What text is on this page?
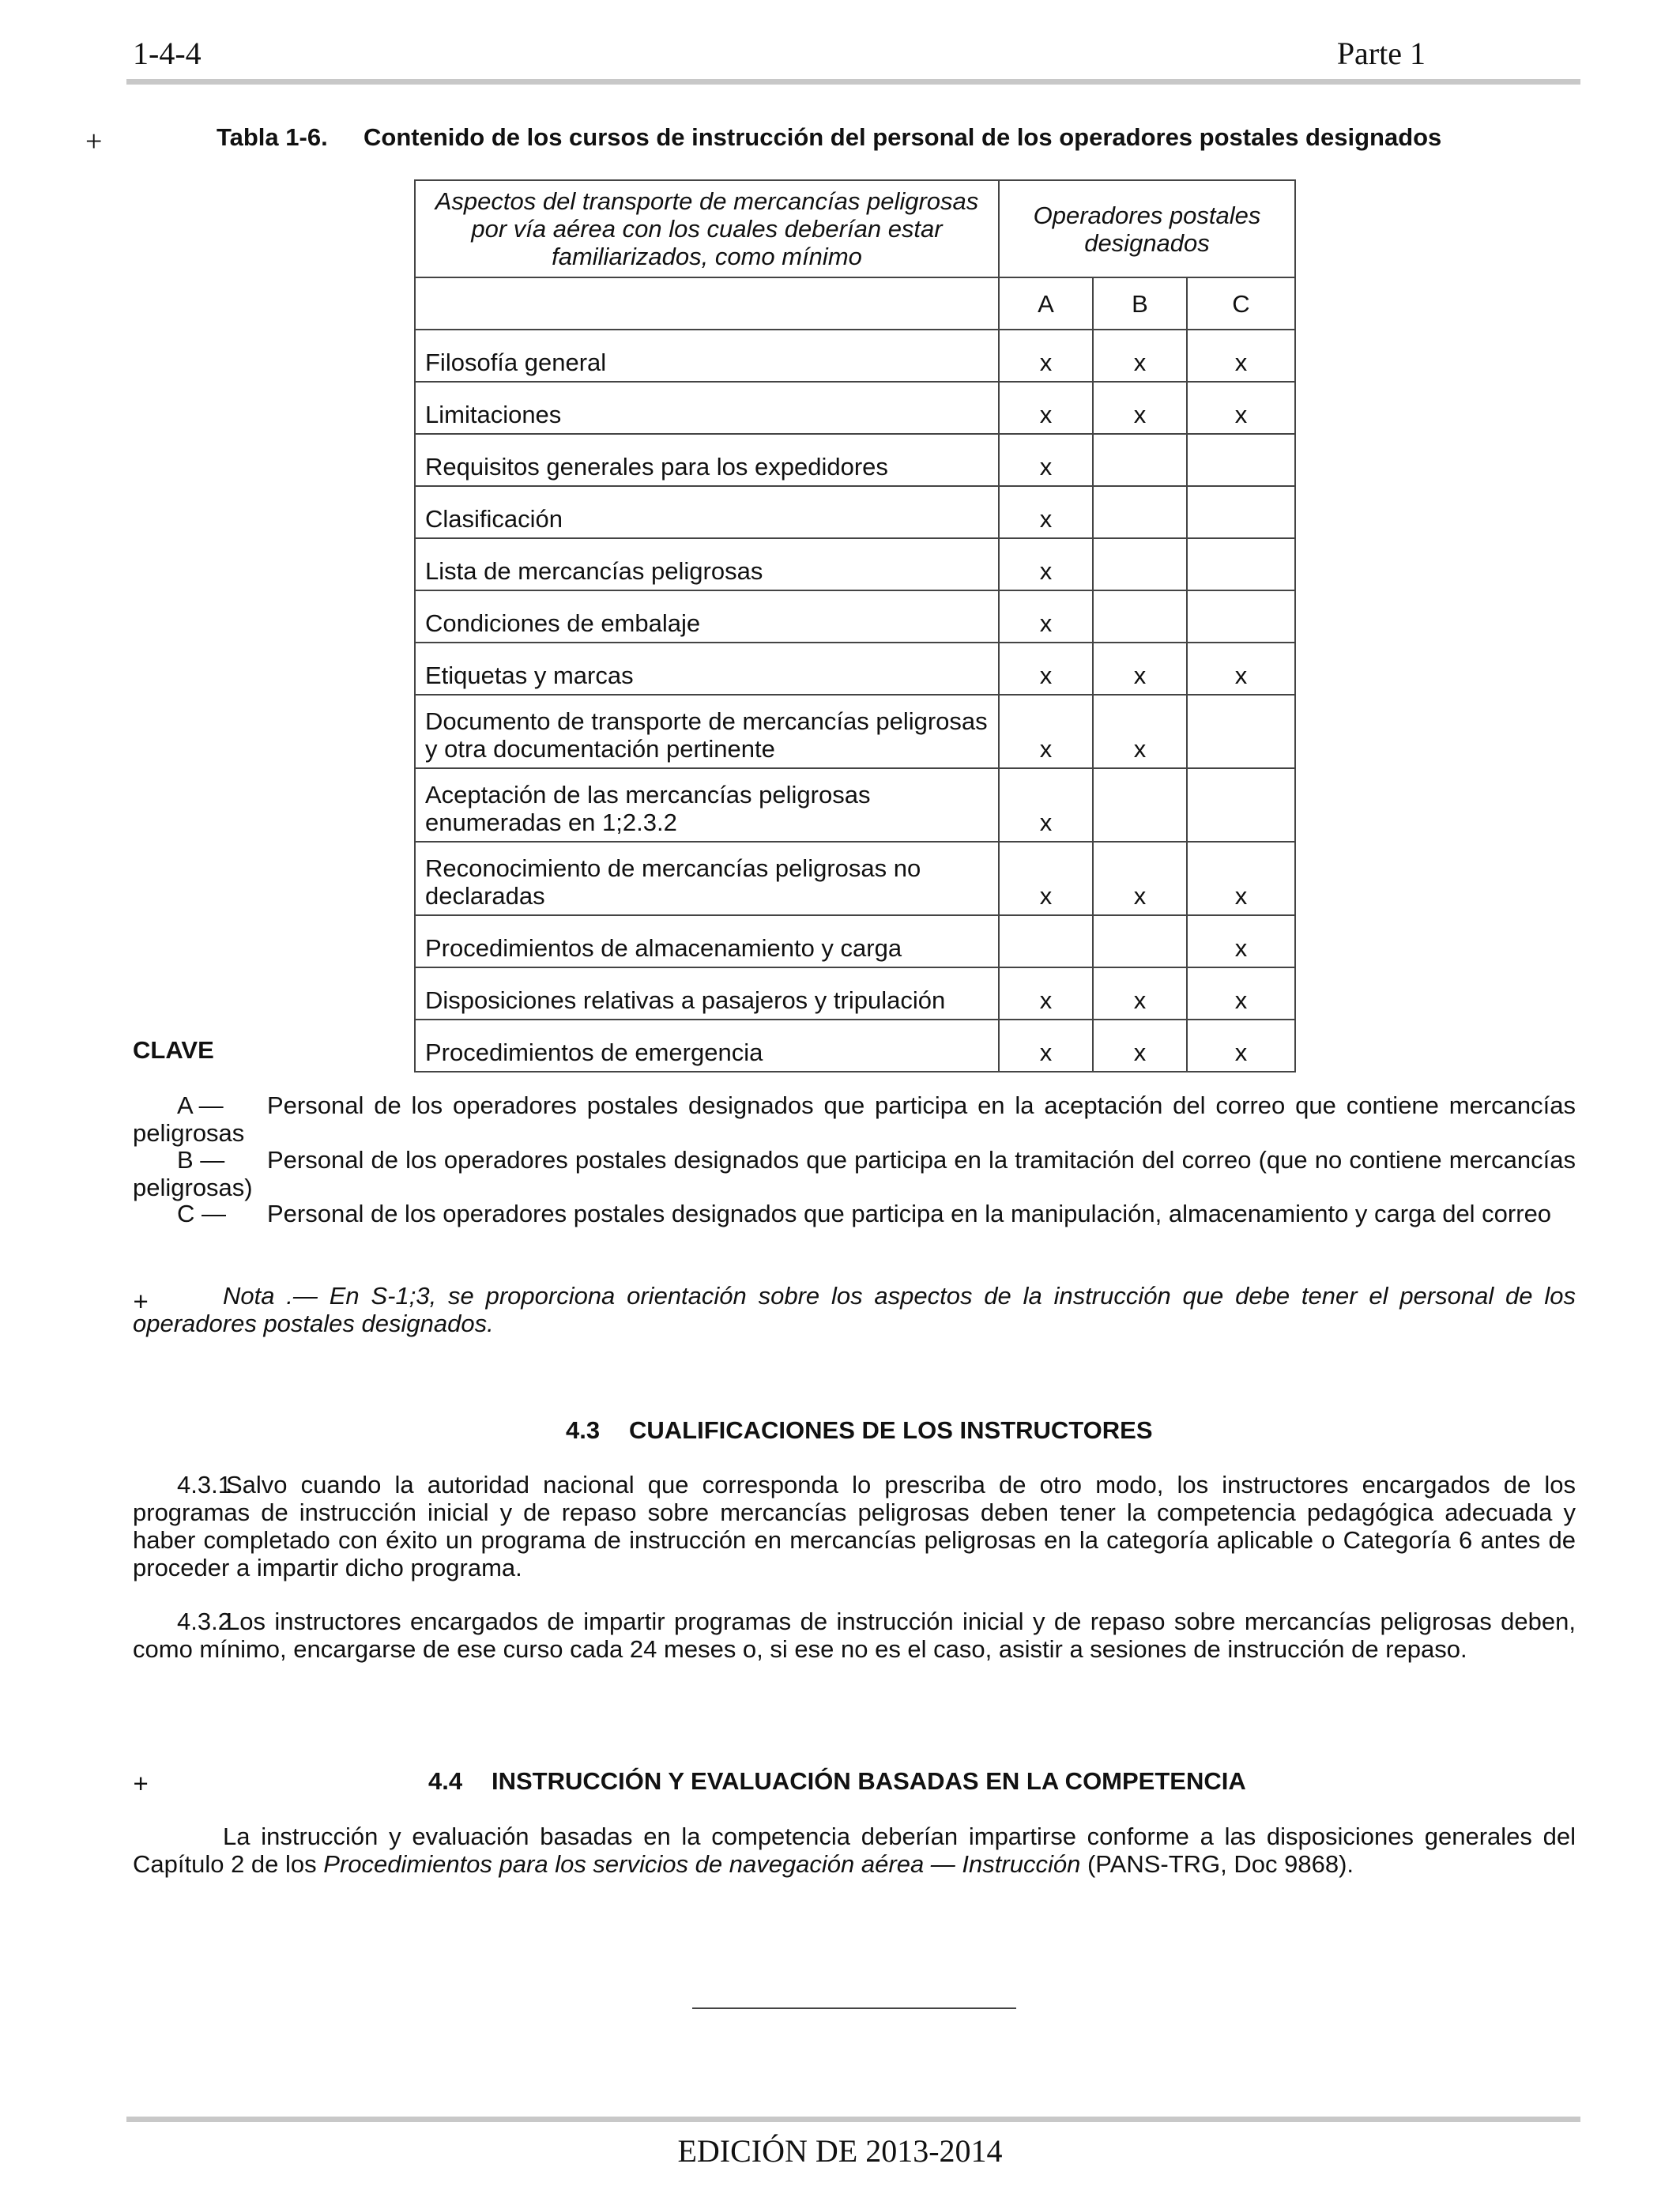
1-4-4	Parte 1
+	Tabla 1-6. Contenido de los cursos de instrucción del personal de los operadores postales designados
Aspectos del transporte de mercancías peligrosas por vía aérea con los cuales deberían estar familiarizados, como mínimo	Operadores postales designados		
	A	B	C
Filosofía general	x	x	x
Limitaciones	x	x	x
Requisitos generales para los expedidores	x		
Clasificación	x		
Lista de mercancías peligrosas	x		
Condiciones de embalaje	x		
Etiquetas y marcas	x	x	x
Documento de transporte de mercancías peligrosas y otra documentación pertinente	x	x	
Aceptación de las mercancías peligrosas enumeradas en 1;2.3.2	x		
Reconocimiento de mercancías peligrosas no declaradas	x	x	x
Procedimientos de almacenamiento y carga			x
Disposiciones relativas a pasajeros y tripulación	x	x	x
Procedimientos de emergencia	x	x	x
CLAVE
A — Personal de los operadores postales designados que participa en la aceptación del correo que contiene mercancías peligrosas
B — Personal de los operadores postales designados que participa en la tramitación del correo (que no contiene mercancías peligrosas)
C — Personal de los operadores postales designados que participa en la manipulación, almacenamiento y carga del correo
+	Nota .— En S-1;3, se proporciona orientación sobre los aspectos de la instrucción que debe tener el personal de los operadores postales designados.
4.3 CUALIFICACIONES DE LOS INSTRUCTORES
4.3.1Salvo cuando la autoridad nacional que corresponda lo prescriba de otro modo, los instructores encargados de los programas de instrucción inicial y de repaso sobre mercancías peligrosas deben tener la competencia pedagógica adecuada y haber completado con éxito un programa de instrucción en mercancías peligrosas en la categoría aplicable o Categoría 6 antes de proceder a impartir dicho programa.
4.3.2Los instructores encargados de impartir programas de instrucción inicial y de repaso sobre mercancías peligrosas deben, como mínimo, encargarse de ese curso cada 24 meses o, si ese no es el caso, asistir a sesiones de instrucción de repaso.
+	4.4 INSTRUCCIÓN Y EVALUACIÓN BASADAS EN LA COMPETENCIA
La instrucción y evaluación basadas en la competencia deberían impartirse conforme a las disposiciones generales del Capítulo 2 de los Procedimientos para los servicios de navegación aérea — Instrucción (PANS-TRG, Doc 9868).
EDICIÓN DE 2013-2014
